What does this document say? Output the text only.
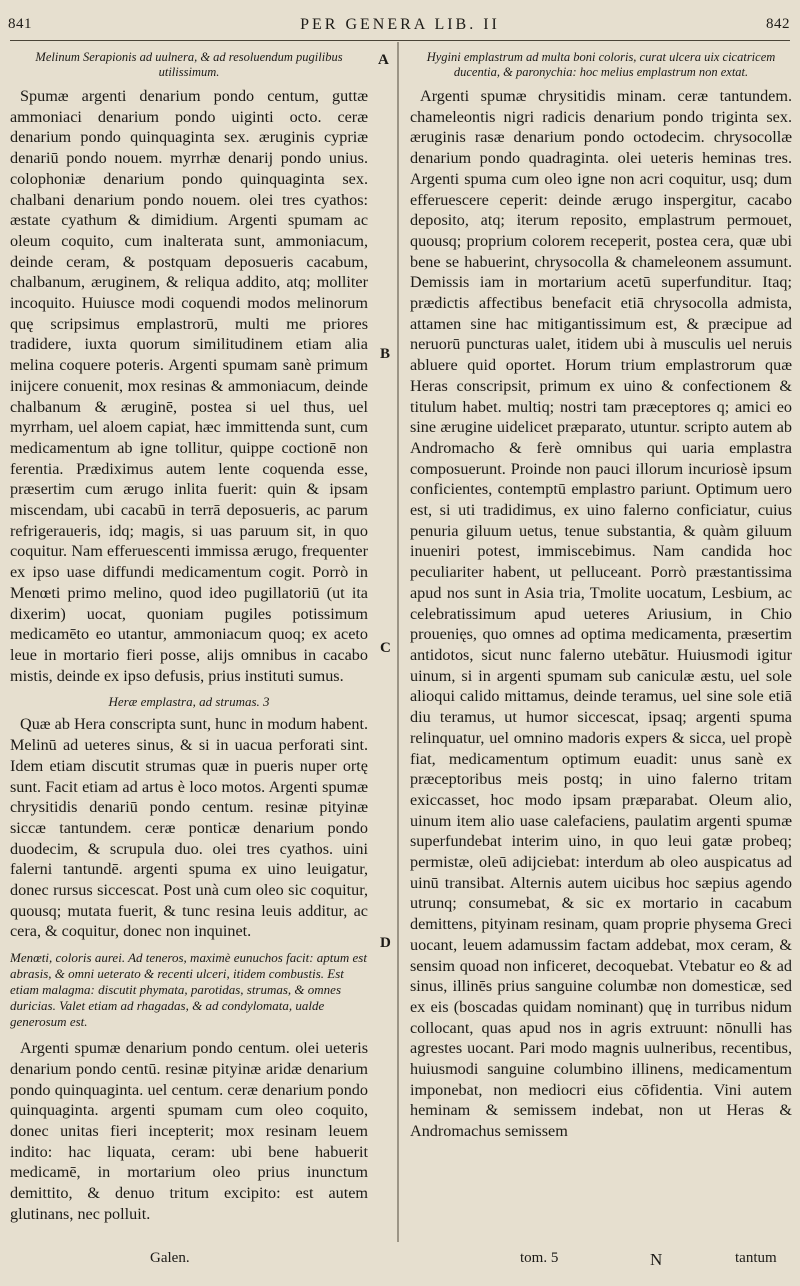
841	PER GENERA LIB. II	842
A
B
C
D
Melinum Serapionis ad uulnera, & ad resoluendum pugilibus utilissimum.

Spumæ argenti denarium pondo centum, guttæ ammoniaci denarium pondo uiginti octo. ceræ denarium pondo quinquaginta sex. æruginis cypriæ denariū pondo nouem. myrrhæ denarij pondo unius. colophoniæ denarium pondo quinquaginta sex. chalbani denarium pondo nouem. olei tres cyathos: æstate cyathum & dimidium. Argenti spumam ac oleum coquito, cum inalterata sunt, ammoniacum, deinde ceram, & postquam deposueris cacabum, chalbanum, æruginem, & reliqua addito, atq; molliter incoquito. Huiusce modi coquendi modos melinorum quę scripsimus emplastrorū, multi me priores tradidere, iuxta quorum similitudinem etiam alia melina coquere poteris. Argenti spumam sanè primum inijcere conuenit, mox resinas & ammoniacum, deinde chalbanum & æruginē, postea si uel thus, uel myrrham, uel aloem capiat, hæc immittenda sunt, cum medicamentum ab igne tollitur, quippe coctionē non ferentia. Prædiximus autem lente coquenda esse, præsertim cum ærugo inlita fuerit: quin & ipsam miscendam, ubi cacabū in terrā deposueris, ac parum refrigeraueris, idq; magis, si uas paruum sit, in quo coquitur. Nam efferuescenti immissa ærugo, frequenter ex ipso uase diffundi medicamentum cogit. Porrò in Menœti primo melino, quod ideo pugillatoriū (ut ita dixerim) uocat, quoniam pugiles potissimum medicamēto eo utantur, ammoniacum quoq; ex aceto leue in mortario fieri posse, alijs omnibus in cacabo mistis, deinde ex ipso defusis, prius instituti sumus.

Heræ emplastra, ad strumas. 3

Quæ ab Hera conscripta sunt, hunc in modum habent. Melinū ad ueteres sinus, & si in uacua perforati sint. Idem etiam discutit strumas quæ in pueris nuper ortę sunt. Facit etiam ad artus è loco motos. Argenti spumæ chrysitidis denariū pondo centum. resinæ pityinæ siccæ tantundem. ceræ ponticæ denarium pondo duodecim, & scrupula duo. olei tres cyathos. uini falerni tantundē. argenti spuma ex uino leuigatur, donec rursus siccescat. Post unà cum oleo sic coquitur, quousq; mutata fuerit, & tunc resina leuis additur, ac cera, & coquitur, donec non inquinet.

Menœti, coloris aurei. Ad teneros, maximè eunuchos facit: aptum est abrasis, & omni ueterato & recenti ulceri, itidem combustis. Est etiam malagma: discutit phymata, parotidas, strumas, & omnes duricias. Valet etiam ad rhagadas, & ad condylomata, ualde generosum est.

Argenti spumæ denarium pondo centum. olei ueteris denarium pondo centū. resinæ pityinæ aridæ denarium pondo quinquaginta. uel centum. ceræ denarium pondo quinquaginta. argenti spumam cum oleo coquito, donec unitas fieri incepterit; mox resinam leuem indito: hac liquata, ceram: ubi bene habuerit medicamē, in mortarium oleo prius inunctum demittito, & denuo tritum excipito: est autem glutinans, nec polluit.

Hygini emplastrum ad multa boni coloris, curat ulcera uix cicatricem ducentia, & paronychia: hoc melius emplastrum non extat.

Argenti spumæ chrysitidis minam. ceræ tantundem. chameleontis nigri radicis denarium pondo triginta sex. æruginis rasæ denarium pondo octodecim. chrysocollæ denarium pondo quadraginta. olei ueteris heminas tres. Argenti spuma cum oleo igne non acri coquitur, usq; dum efferuescere ceperit: deinde ærugo inspergitur, cacabo deposito, atq; iterum reposito, emplastrum permouet, quousq; proprium colorem receperit, postea cera, quæ ubi bene se habuerint, chrysocolla & chameleonem assumunt. Demissis iam in mortarium acetū superfunditur. Itaq; prædictis affectibus benefacit etiā chrysocolla admista, attamen sine hac mitigantissimum est, & præcipue ad neruorū puncturas ualet, itidem ubi à musculis uel neruis abluere quid oportet. Horum trium emplastrorum quæ Heras conscripsit, primum ex uino & confectionem & titulum habet. multiq; nostri tam præceptores q; amici eo sine ærugine uidelicet præparato, utuntur. scripto autem ab Andromacho & ferè omnibus qui uaria emplastra composuerunt. Proinde non pauci illorum incuriosè ipsum conficientes, contemptū emplastro pariunt. Optimum uero est, si uti tradidimus, ex uino falerno conficiatur, cuius penuria giluum uetus, tenue substantia, & quàm giluum inueniri potest, immiscebimus. Nam candida hoc peculiariter habent, ut pelluceant. Porrò præstantissima apud nos sunt in Asia tria, Tmolite uocatum, Lesbium, ac celebratissimum apud ueteres Ariusium, in Chio prouenięs, quo omnes ad optima medicamenta, præsertim antidotos, sicut nunc falerno utebātur. Huiusmodi igitur uinum, si in argenti spumam sub caniculæ æstu, uel sole alioqui calido mittamus, deinde teramus, uel sine sole etiā diu teramus, ut humor siccescat, ipsaq; argenti spuma relinquatur, uel omnino madoris expers & sicca, uel propè fiat, medicamentum optimum euadit: unus sanè ex præceptoribus meis postq; in uino falerno tritam exiccasset, hoc modo ipsam præparabat. Oleum alio, uinum item alio uase calefaciens, paulatim argenti spumæ superfundebat interim uino, in quo leui gatæ probeq; permistæ, oleū adijciebat: interdum ab oleo auspicatus ad uinū transibat. Alternis autem uicibus hoc sæpius agendo utrunq; consumebat, & sic ex mortario in cacabum demittens, pityinam resinam, quam proprie physema Greci uocant, leuem adamussim factam addebat, mox ceram, & sensim quoad non inficeret, decoquebat. Vtebatur eo & ad sinus, illinēs prius sanguine columbæ non domesticæ, sed ex eis (boscadas quidam nominant) quę in turribus nidum collocant, quas apud nos in agris extruunt: nōnulli has agrestes uocant. Pari modo magnis uulneribus, recentibus, huiusmodi sanguine columbino illinens, medicamentum imponebat, non mediocri eius cōfidentia. Vini autem heminam & semissem indebat, non ut Heras & Andromachus semissem

Galen.	tom. 5	N	tantum
